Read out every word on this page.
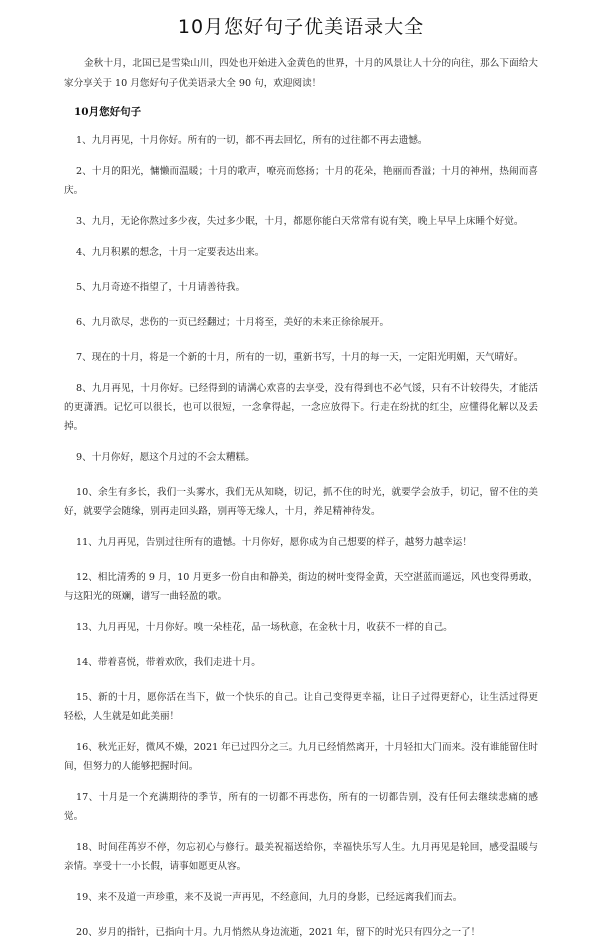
10月您好句子优美语录大全

金秋十月，北国已是雪染山川，四处也开始进入金黄色的世界，十月的风景让人十分的向往，那么下面给大家分享关于 10 月您好句子优美语录大全 90 句，欢迎阅读！

10月您好句子
1、九月再见，十月你好。所有的一切，都不再去回忆，所有的过往都不再去遗憾。
2、十月的阳光，慵懒而温暖；十月的歌声，嘹亮而悠扬；十月的花朵，艳丽而香溢；十月的神州，热闹而喜庆。
3、九月，无论你熬过多少夜，失过多少眠，十月，都愿你能白天常常有说有笑，晚上早早上床睡个好觉。
4、九月积累的想念，十月一定要表达出来。
5、九月奇迹不指望了，十月请善待我。
6、九月欲尽，悲伤的一页已经翻过；十月将至，美好的未来正徐徐展开。
7、现在的十月，将是一个新的十月，所有的一切，重新书写，十月的每一天，一定阳光明媚，天气晴好。
8、九月再见，十月你好。已经得到的请满心欢喜的去享受，没有得到也不必气馁，只有不计较得失，才能活的更潇洒。记忆可以很长，也可以很短，一念拿得起，一念应放得下。行走在纷扰的红尘，应懂得化解以及丢掉。
9、十月你好，愿这个月过的不会太糟糕。
10、余生有多长，我们一头雾水，我们无从知晓，切记，抓不住的时光，就要学会放手，切记，留不住的美好，就要学会随缘，别再走回头路，别再等无缘人，十月，养足精神待发。
11、九月再见，告别过往所有的遗憾。十月你好，愿你成为自己想要的样子，越努力越幸运！
12、相比清秀的 9 月，10 月更多一份自由和静美，街边的树叶变得金黄，天空湛蓝而遥远，风也变得勇敢，与这阳光的斑斓，谱写一曲轻盈的歌。
13、九月再见，十月你好。嗅一朵桂花，品一场秋意，在金秋十月，收获不一样的自己。
14、带着喜悦，带着欢欣，我们走进十月。
15、新的十月，愿你活在当下，做一个快乐的自己。让自己变得更幸福，让日子过得更舒心，让生活过得更轻松，人生就是如此美丽！
16、秋光正好，微风不燥，2021 年已过四分之三。九月已经悄然离开，十月轻扣大门而来。没有谁能留住时间，但努力的人能够把握时间。
17、十月是一个充满期待的季节，所有的一切都不再悲伤，所有的一切都告别，没有任何去继续悲痛的感觉。
18、时间荏苒岁不停，勿忘初心与修行。最美祝福送给你，幸福快乐写人生。九月再见是轮回，感受温暖与亲情。享受十一小长假，请事如愿更从容。
19、来不及道一声珍重，来不及说一声再见，不经意间，九月的身影，已经远离我们而去。
20、岁月的指针，已指向十月。九月悄然从身边流逝，2021 年，留下的时光只有四分之一了！
